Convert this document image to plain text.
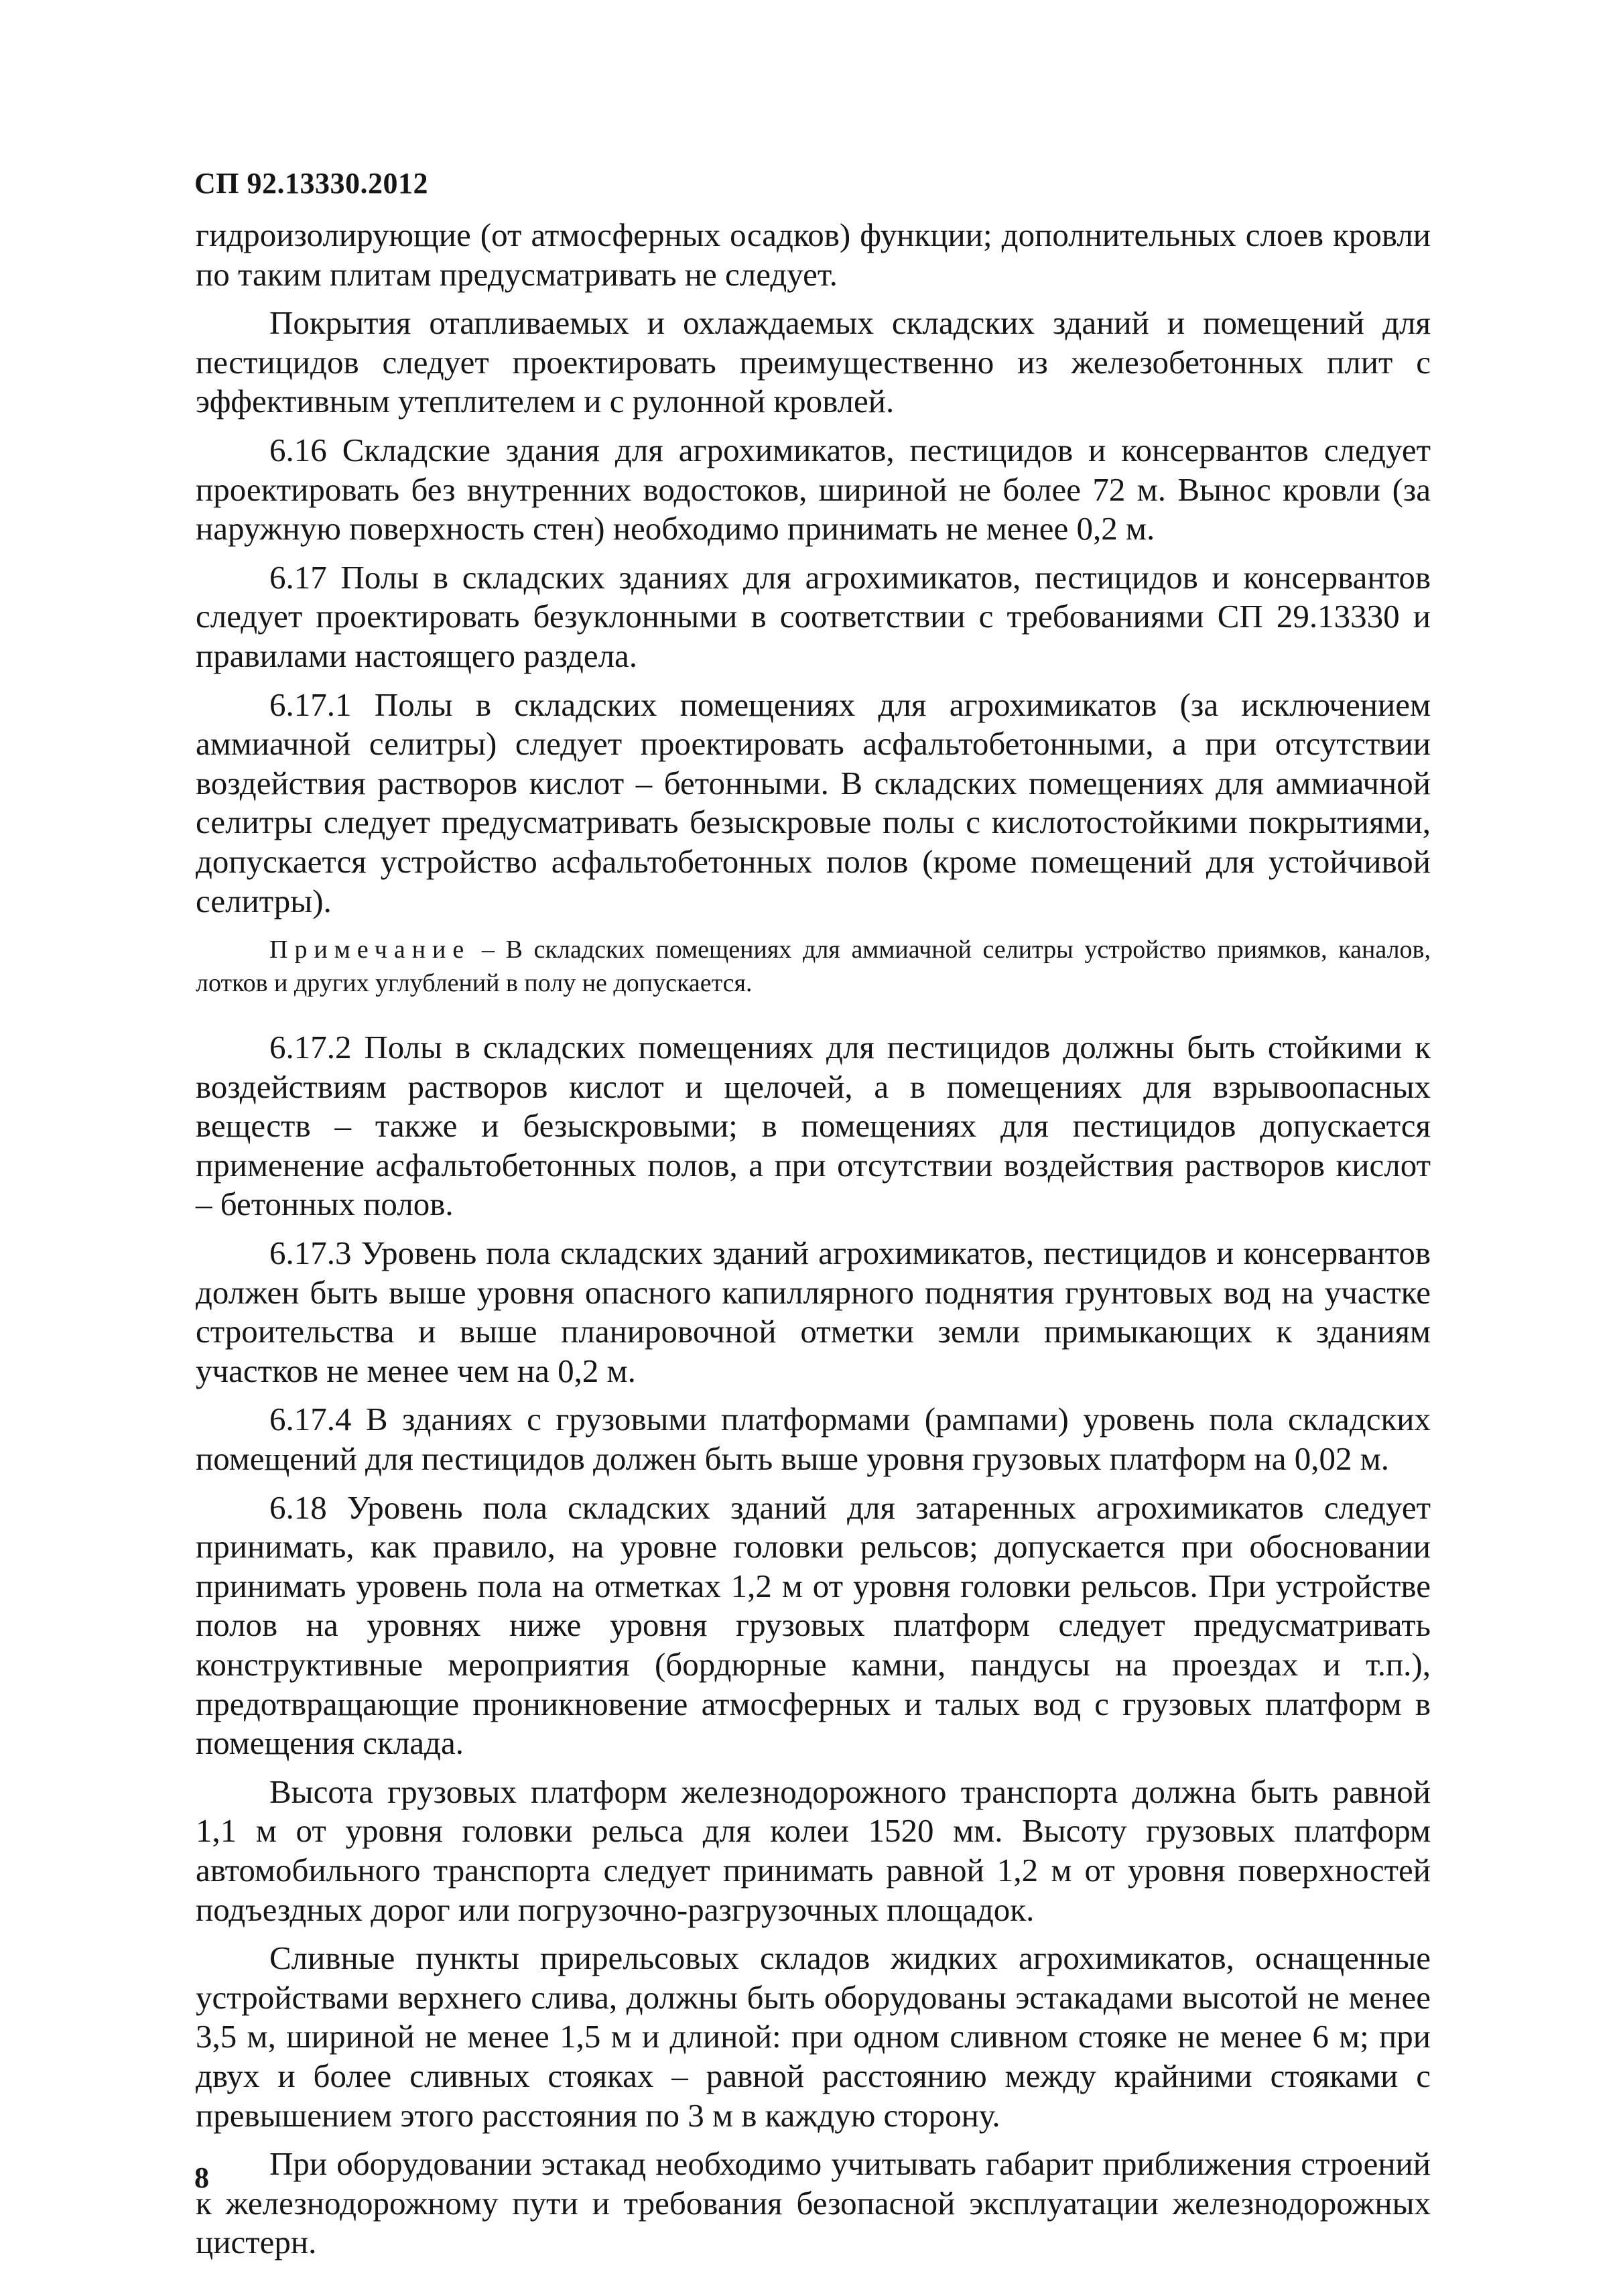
СП 92.13330.2012

гидроизолирующие (от атмосферных осадков) функции; дополнительных слоев кровли по таким плитам предусматривать не следует.

Покрытия отапливаемых и охлаждаемых складских зданий и помещений для пестицидов следует проектировать преимущественно из железобетонных плит с эффективным утеплителем и с рулонной кровлей.

6.16 Складские здания для агрохимикатов, пестицидов и консервантов следует проектировать без внутренних водостоков, шириной не более 72 м. Вынос кровли (за наружную поверхность стен) необходимо принимать не менее 0,2 м.

6.17 Полы в складских зданиях для агрохимикатов, пестицидов и консервантов следует проектировать безуклонными в соответствии с требованиями СП 29.13330 и правилами настоящего раздела.

6.17.1 Полы в складских помещениях для агрохимикатов (за исключением аммиачной селитры) следует проектировать асфальтобетонными, а при отсутствии воздействия растворов кислот – бетонными. В складских помещениях для аммиачной селитры следует предусматривать безыскровые полы с кислотостойкими покрытиями, допускается устройство асфальтобетонных полов (кроме помещений для устойчивой селитры).

Примечание – В складских помещениях для аммиачной селитры устройство приямков, каналов, лотков и других углублений в полу не допускается.

6.17.2 Полы в складских помещениях для пестицидов должны быть стойкими к воздействиям растворов кислот и щелочей, а в помещениях для взрывоопасных веществ – также и безыскровыми; в помещениях для пестицидов допускается применение асфальтобетонных полов, а при отсутствии воздействия растворов кислот – бетонных полов.

6.17.3 Уровень пола складских зданий агрохимикатов, пестицидов и консервантов должен быть выше уровня опасного капиллярного поднятия грунтовых вод на участке строительства и выше планировочной отметки земли примыкающих к зданиям участков не менее чем на 0,2 м.

6.17.4 В зданиях с грузовыми платформами (рампами) уровень пола складских помещений для пестицидов должен быть выше уровня грузовых платформ на 0,02 м.

6.18 Уровень пола складских зданий для затаренных агрохимикатов следует принимать, как правило, на уровне головки рельсов; допускается при обосновании принимать уровень пола на отметках 1,2 м от уровня головки рельсов. При устройстве полов на уровнях ниже уровня грузовых платформ следует предусматривать конструктивные мероприятия (бордюрные камни, пандусы на проездах и т.п.), предотвращающие проникновение атмосферных и талых вод с грузовых платформ в помещения склада.

Высота грузовых платформ железнодорожного транспорта должна быть равной 1,1 м от уровня головки рельса для колеи 1520 мм. Высоту грузовых платформ автомобильного транспорта следует принимать равной 1,2 м от уровня поверхностей подъездных дорог или погрузочно-разгрузочных площадок.

Сливные пункты прирельсовых складов жидких агрохимикатов, оснащенные устройствами верхнего слива, должны быть оборудованы эстакадами высотой не менее 3,5 м, шириной не менее 1,5 м и длиной: при одном сливном стояке не менее 6 м; при двух и более сливных стояках – равной расстоянию между крайними стояками с превышением этого расстояния по 3 м в каждую сторону.

При оборудовании эстакад необходимо учитывать габарит приближения строений к железнодорожному пути и требования безопасной эксплуатации железнодорожных цистерн.

8
